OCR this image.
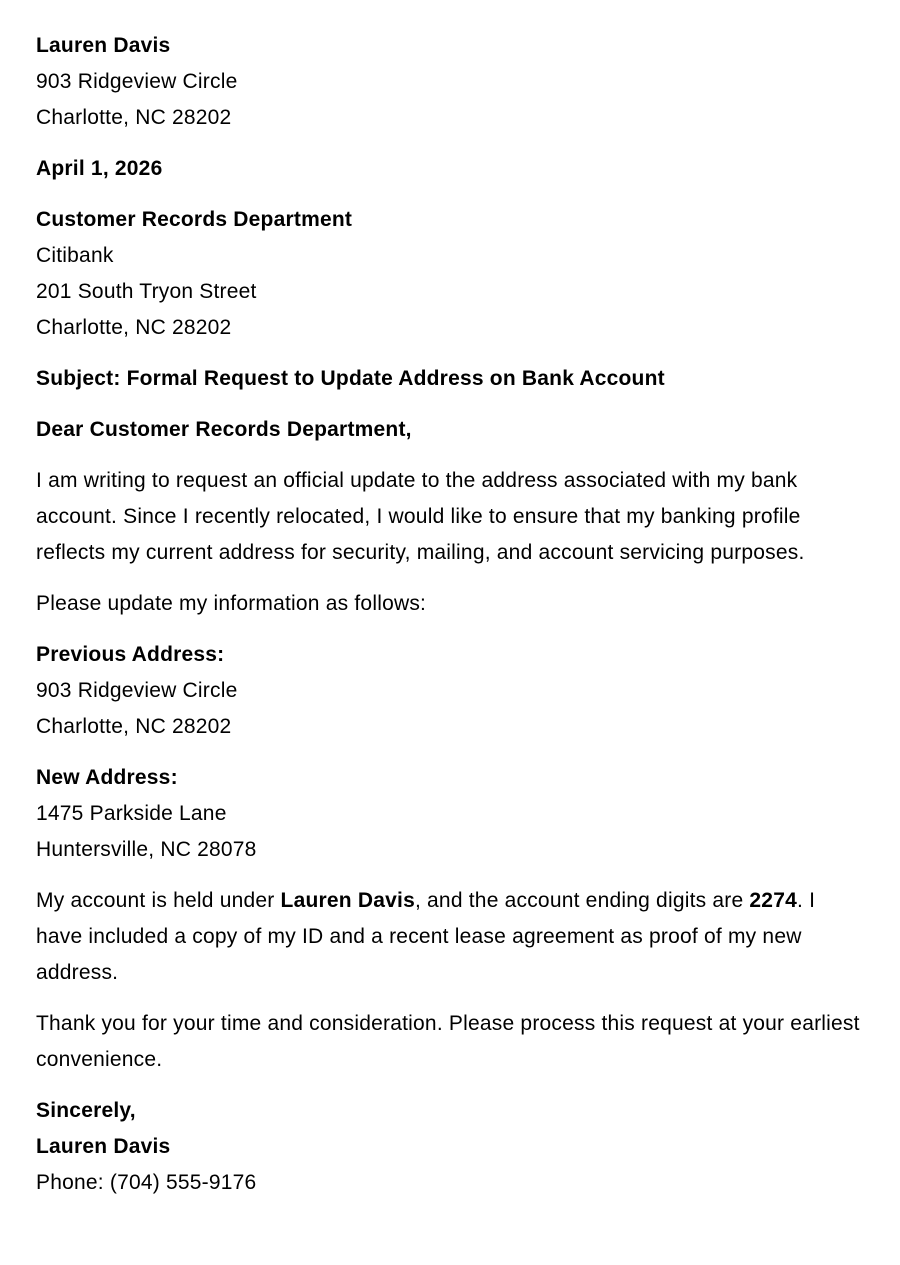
Lauren Davis
903 Ridgeview Circle
Charlotte, NC 28202
April 1, 2026
Customer Records Department
Citibank
201 South Tryon Street
Charlotte, NC 28202
Subject: Formal Request to Update Address on Bank Account
Dear Customer Records Department,

I am writing to request an official update to the address associated with my bank account. Since I recently relocated, I would like to ensure that my banking profile reflects my current address for security, mailing, and account servicing purposes.

Please update my information as follows:

Previous Address:
903 Ridgeview Circle
Charlotte, NC 28202
New Address:
1475 Parkside Lane
Huntersville, NC 28078

My account is held under Lauren Davis, and the account ending digits are 2274. I have included a copy of my ID and a recent lease agreement as proof of my new address.

Thank you for your time and consideration. Please process this request at your earliest convenience.

Sincerely,
Lauren Davis
Phone: (704) 555-9176
